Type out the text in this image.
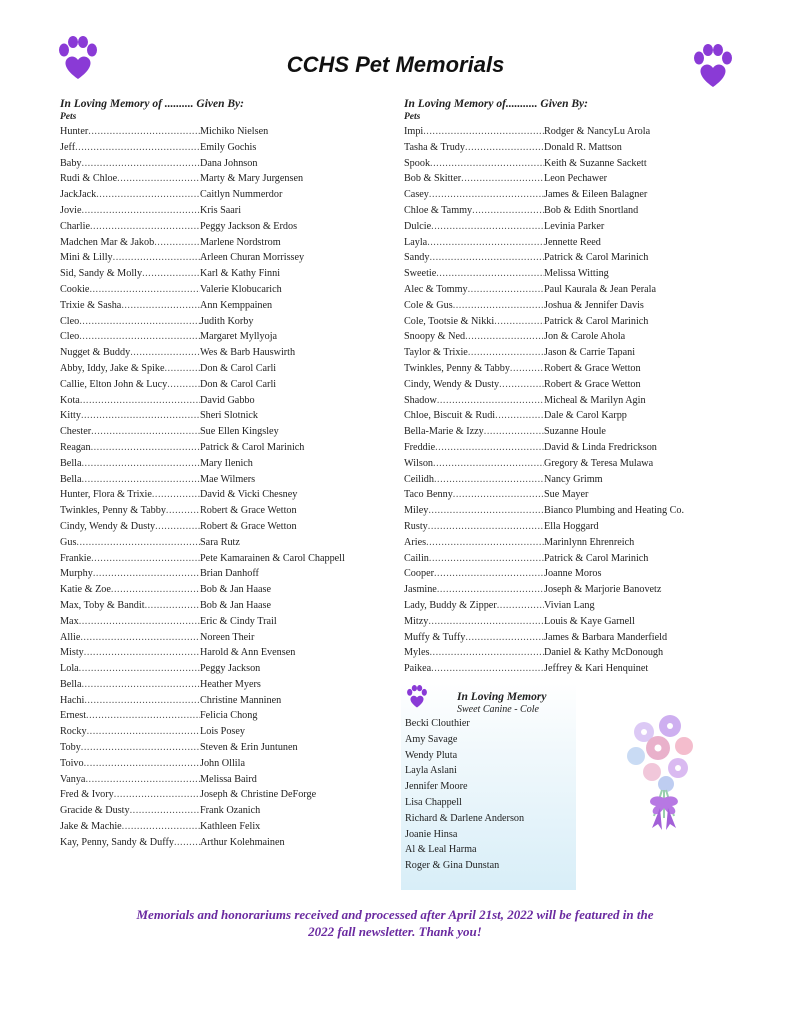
CCHS Pet Memorials
In Loving Memory of .......... Given By:
Pets
Hunter .....	Michiko Nielsen
Jeff .....	Emily Gochis
Baby .....	Dana Johnson
Rudi & Chloe .....	Marty & Mary Jurgensen
JackJack .....	Caitlyn Nummerdor
Jovie .....	Kris Saari
Charlie .....	Peggy Jackson & Erdos
Madchen Mar & Jakob .....	Marlene Nordstrom
Mini & Lilly .....	Arleen Churan Morrissey
Sid, Sandy & Molly .....	Karl & Kathy Finni
Cookie .....	Valerie Klobucarich
Trixie & Sasha .....	Ann Kemppainen
Cleo .....	Judith Korby
Cleo .....	Margaret Myllyoja
Nugget & Buddy .....	Wes & Barb Hauswirth
Abby, Iddy, Jake & Spike .....	Don & Carol Carli
Callie, Elton John & Lucy .....	Don & Carol Carli
Kota .....	David Gabbo
Kitty .....	Sheri Slotnick
Chester .....	Sue Ellen Kingsley
Reagan .....	Patrick & Carol Marinich
Bella .....	Mary Ilenich
Bella .....	Mae Wilmers
Hunter, Flora & Trixie .....	David & Vicki Chesney
Twinkles, Penny & Tabby .....	Robert & Grace Wetton
Cindy, Wendy & Dusty .....	Robert & Grace Wetton
Gus .....	Sara Rutz
Frankie .....	Pete Kamarainen & Carol Chappell
Murphy .....	Brian Danhoff
Katie & Zoe .....	Bob & Jan Haase
Max, Toby & Bandit .....	Bob & Jan Haase
Max .....	Eric & Cindy Trail
Allie .....	Noreen Their
Misty .....	Harold & Ann Evensen
Lola .....	Peggy Jackson
Bella .....	Heather Myers
Hachi .....	Christine Manninen
Ernest .....	Felicia Chong
Rocky .....	Lois Posey
Toby .....	Steven & Erin Juntunen
Toivo .....	John Ollila
Vanya .....	Melissa Baird
Fred & Ivory .....	Joseph & Christine DeForge
Gracide & Dusty .....	Frank Ozanich
Jake & Machie .....	Kathleen Felix
Kay, Penny, Sandy & Duffy .....	Arthur Kolehmainen
In Loving Memory of........... Given By:
Pets
Impi .....	Rodger & NancyLu Arola
Tasha & Trudy .....	Donald R. Mattson
Spook .....	Keith & Suzanne Sackett
Bob & Skitter .....	Leon Pechawer
Casey .....	James & Eileen Balagner
Chloe & Tammy .....	Bob & Edith Snortland
Dulcie .....	Levinia Parker
Layla .....	Jennette Reed
Sandy .....	Patrick & Carol Marinich
Sweetie .....	Melissa Witting
Alec & Tommy .....	Paul Kaurala & Jean Perala
Cole & Gus .....	Joshua & Jennifer Davis
Cole, Tootsie & Nikki .....	Patrick & Carol Marinich
Snoopy & Ned .....	Jon & Carole Ahola
Taylor & Trixie .....	Jason & Carrie Tapani
Twinkles, Penny & Tabby .....	Robert & Grace Wetton
Cindy, Wendy & Dusty .....	Robert & Grace Wetton
Shadow .....	Micheal & Marilyn Agin
Chloe, Biscuit & Rudi .....	Dale & Carol Karpp
Bella-Marie & Izzy .....	Suzanne Houle
Freddie .....	David & Linda Fredrickson
Wilson .....	Gregory & Teresa Mulawa
Ceilidh .....	Nancy Grimm
Taco Benny .....	Sue Mayer
Miley .....	Bianco Plumbing and Heating Co.
Rusty .....	Ella Hoggard
Aries .....	Marinlynn Ehrenreich
Cailin .....	Patrick & Carol Marinich
Cooper .....	Joanne Moros
Jasmine .....	Joseph & Marjorie Banovetz
Lady, Buddy & Zipper .....	Vivian Lang
Mitzy .....	Louis & Kaye Garnell
Muffy & Tuffy .....	James & Barbara Manderfield
Myles .....	Daniel & Kathy McDonough
Paikea .....	Jeffrey & Kari Henquinet
In Loving Memory
Sweet Canine - Cole
Becki Clouthier
Amy Savage
Wendy Pluta
Layla Aslani
Jennifer Moore
Lisa Chappell
Richard & Darlene Anderson
Joanie Hinsa
Al & Leal Harma
Roger & Gina Dunstan
Memorials and honorariums received and processed after April 21st, 2022 will be featured in the
2022 fall newsletter. Thank you!
